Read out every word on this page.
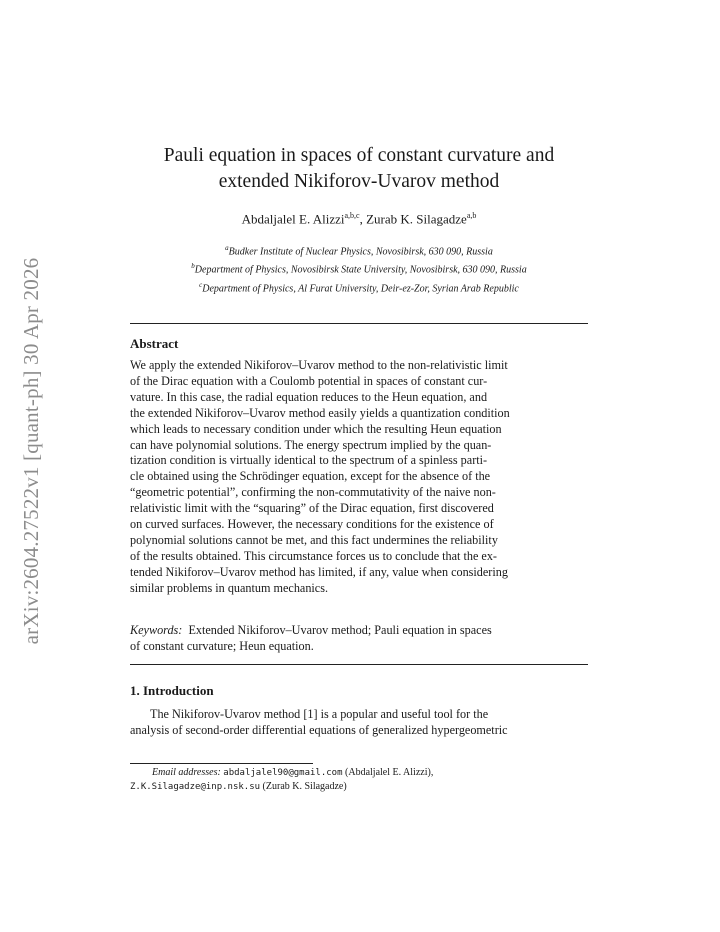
arXiv:2604.27522v1 [quant-ph] 30 Apr 2026
Pauli equation in spaces of constant curvature and
extended Nikiforov-Uvarov method
Abdaljalel E. Alizzi$^{a,b,c}$, Zurab K. Silagadze$^{a,b}$
$^a$Budker Institute of Nuclear Physics, Novosibirsk, 630 090, Russia
$^b$Department of Physics, Novosibirsk State University, Novosibirsk, 630 090, Russia
$^c$Department of Physics, Al Furat University, Deir-ez-Zor, Syrian Arab Republic
Abstract
We apply the extended Nikiforov–Uvarov method to the non-relativistic limit
of the Dirac equation with a Coulomb potential in spaces of constant cur-
vature. In this case, the radial equation reduces to the Heun equation, and
the extended Nikiforov–Uvarov method easily yields a quantization condition
which leads to necessary condition under which the resulting Heun equation
can have polynomial solutions. The energy spectrum implied by the quan-
tization condition is virtually identical to the spectrum of a spinless parti-
cle obtained using the Schrödinger equation, except for the absence of the
“geometric potential”, confirming the non-commutativity of the naive non-
relativistic limit with the “squaring” of the Dirac equation, first discovered
on curved surfaces. However, the necessary conditions for the existence of
polynomial solutions cannot be met, and this fact undermines the reliability
of the results obtained. This circumstance forces us to conclude that the ex-
tended Nikiforov–Uvarov method has limited, if any, value when considering
similar problems in quantum mechanics.
Keywords: Extended Nikiforov–Uvarov method; Pauli equation in spaces
of constant curvature; Heun equation.
1. Introduction
The Nikiforov-Uvarov method [1] is a popular and useful tool for the
analysis of second-order differential equations of generalized hypergeometric
Email addresses: abdaljalel90@gmail.com (Abdaljalel E. Alizzi),
Z.K.Silagadze@inp.nsk.su (Zurab K. Silagadze)
